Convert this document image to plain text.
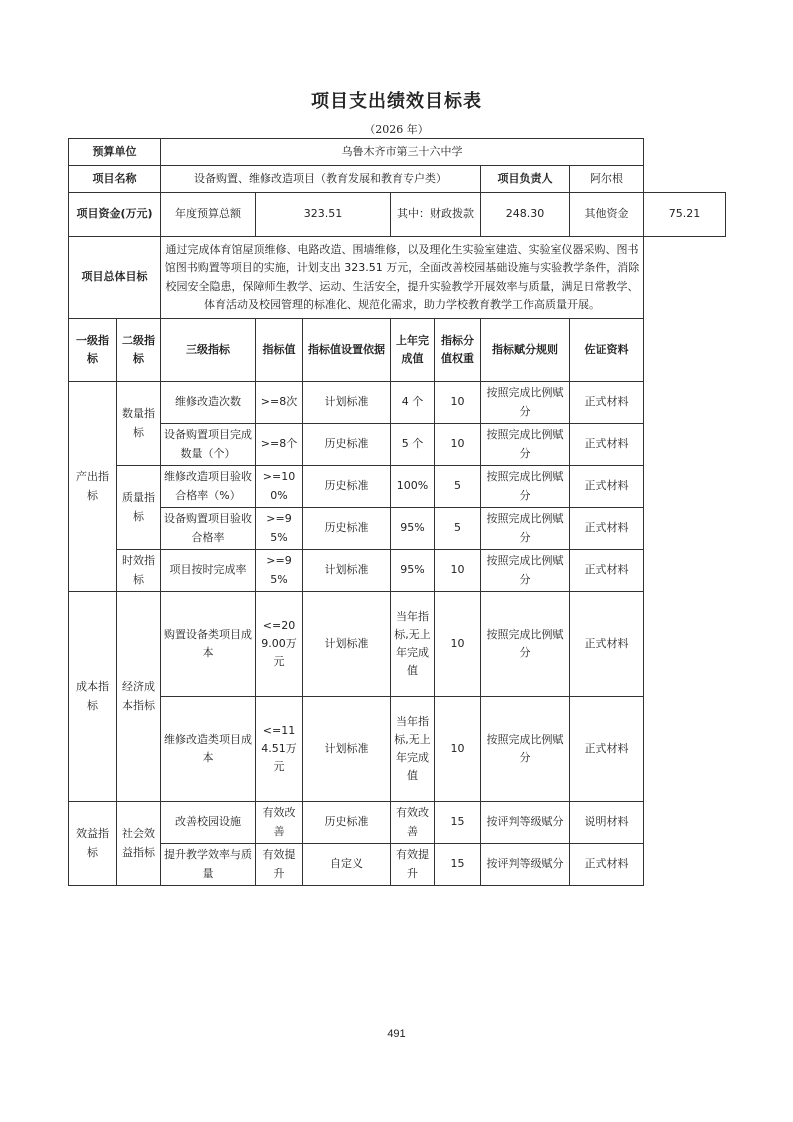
项目支出绩效目标表
（2026 年）
预算单位		乌鲁木齐市第三十六中学							
项目名称		设备购置、维修改造项目（教育发展和教育专户类）					项目负责人	阿尔根	
项目资金(万元)		年度预算总额	323.51		其中：财政拨款		248.30	其他资金	75.21
项目总体目标		通过完成体育馆屋顶维修、电路改造、围墙维修，以及理化生实验室建造、实验室仪器采购、图书馆图书购置等项目的实施，计划支出 323.51 万元，全面改善校园基础设施与实验教学条件，消除校园安全隐患，保障师生教学、运动、生活安全，提升实验教学开展效率与质量，满足日常教学、体育活动及校园管理的标准化、规范化需求，助力学校教育教学工作高质量开展。							
一级指标	二级指标	三级指标	指标值	指标值设置依据	上年完成值	指标分值权重	指标赋分规则	佐证资料	
产出指标	数量指标	维修改造次数	>=8次	计划标准	4 个	10	按照完成比例赋分	正式材料	
		设备购置项目完成数量（个）	>=8个	历史标准	5 个	10	按照完成比例赋分	正式材料	
	质量指标	维修改造项目验收合格率（%）	>=100%	历史标准	100%	5	按照完成比例赋分	正式材料	
		设备购置项目验收合格率	>=95%	历史标准	95%	5	按照完成比例赋分	正式材料	
	时效指标	项目按时完成率	>=95%	计划标准	95%	10	按照完成比例赋分	正式材料	
成本指标	经济成本指标	购置设备类项目成本	<=209.00万元	计划标准	当年指标,无上年完成值	10	按照完成比例赋分	正式材料	
		维修改造类项目成本	<=114.51万元	计划标准	当年指标,无上年完成值	10	按照完成比例赋分	正式材料	
效益指标	社会效益指标	改善校园设施	有效改善	历史标准	有效改善	15	按评判等级赋分	说明材料	
		提升教学效率与质量	有效提升	自定义	有效提升	15	按评判等级赋分	正式材料	
491
